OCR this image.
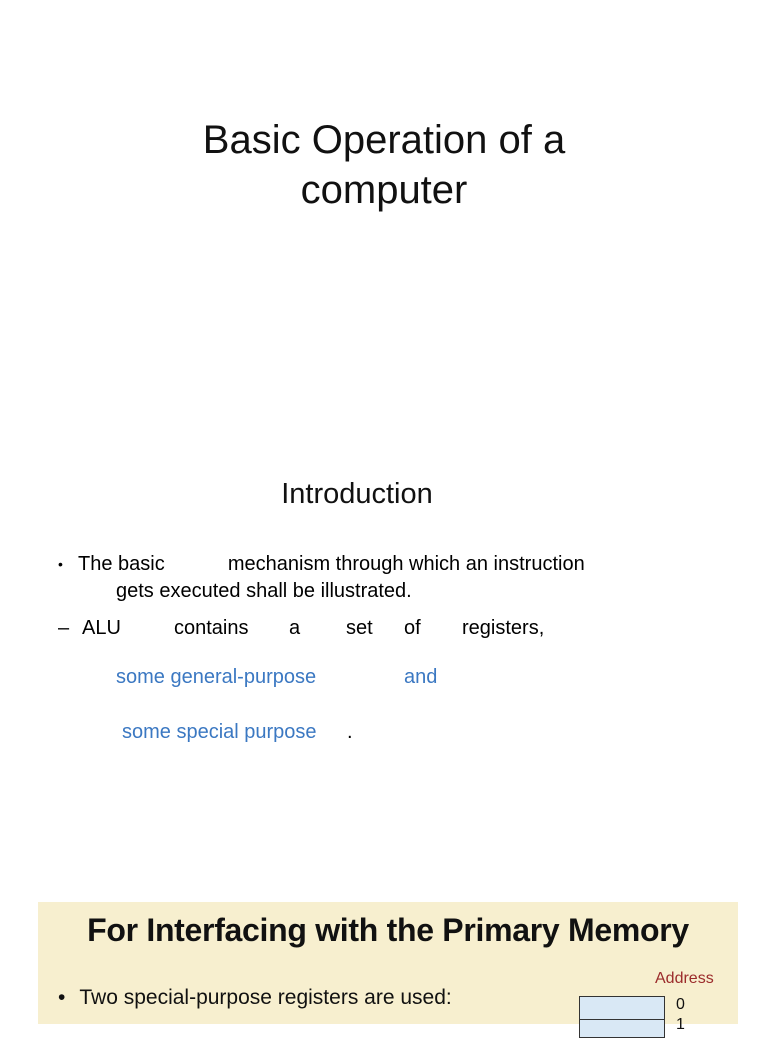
Basic Operation of a
computer
Introduction
• The basic	mechanism through which an instruction
gets executed shall be illustrated.
– ALU	contains a set of registers,
some general-purpose	and
some special purpose .
For Interfacing with the Primary Memory
• Two special-purpose registers are used:
Address
0
1
